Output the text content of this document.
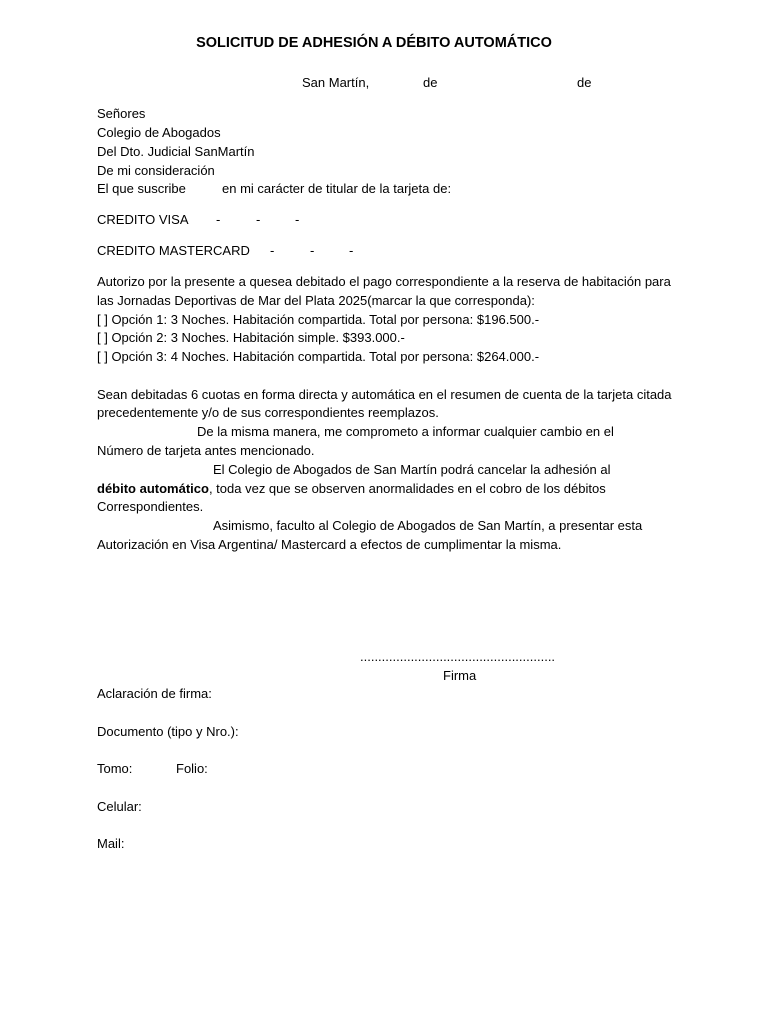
SOLICITUD DE ADHESIÓN A DÉBITO AUTOMÁTICO
San Martín,	de	de
Señores
Colegio de Abogados
Del Dto. Judicial SanMartín
De mi consideración
El que suscribe	en mi carácter de titular de la tarjeta de:
CREDITO VISA -	-	-
CREDITO MASTERCARD -	-	-
Autorizo por la presente a quesea debitado el pago correspondiente a la reserva de habitación para
las Jornadas Deportivas de Mar del Plata 2025(marcar la que corresponda):
[ ] Opción 1: 3 Noches. Habitación compartida. Total por persona: $196.500.-
[ ] Opción 2: 3 Noches. Habitación simple. $393.000.-
[ ] Opción 3: 4 Noches. Habitación compartida. Total por persona: $264.000.-
Sean debitadas 6 cuotas en forma directa y automática en el resumen de cuenta de la tarjeta citada
precedentemente y/o de sus correspondientes reemplazos.
De la misma manera, me comprometo a informar cualquier cambio en el
Número de tarjeta antes mencionado.
El Colegio de Abogados de San Martín podrá cancelar la adhesión al
débito automático, toda vez que se observen anormalidades en el cobro de los débitos
Correspondientes.
Asimismo, faculto al Colegio de Abogados de San Martín, a presentar esta
Autorización en Visa Argentina/ Mastercard a efectos de cumplimentar la misma.
......................................................
Firma
Aclaración de firma:
Documento (tipo y Nro.):
Tomo:	Folio:
Celular:
Mail:
